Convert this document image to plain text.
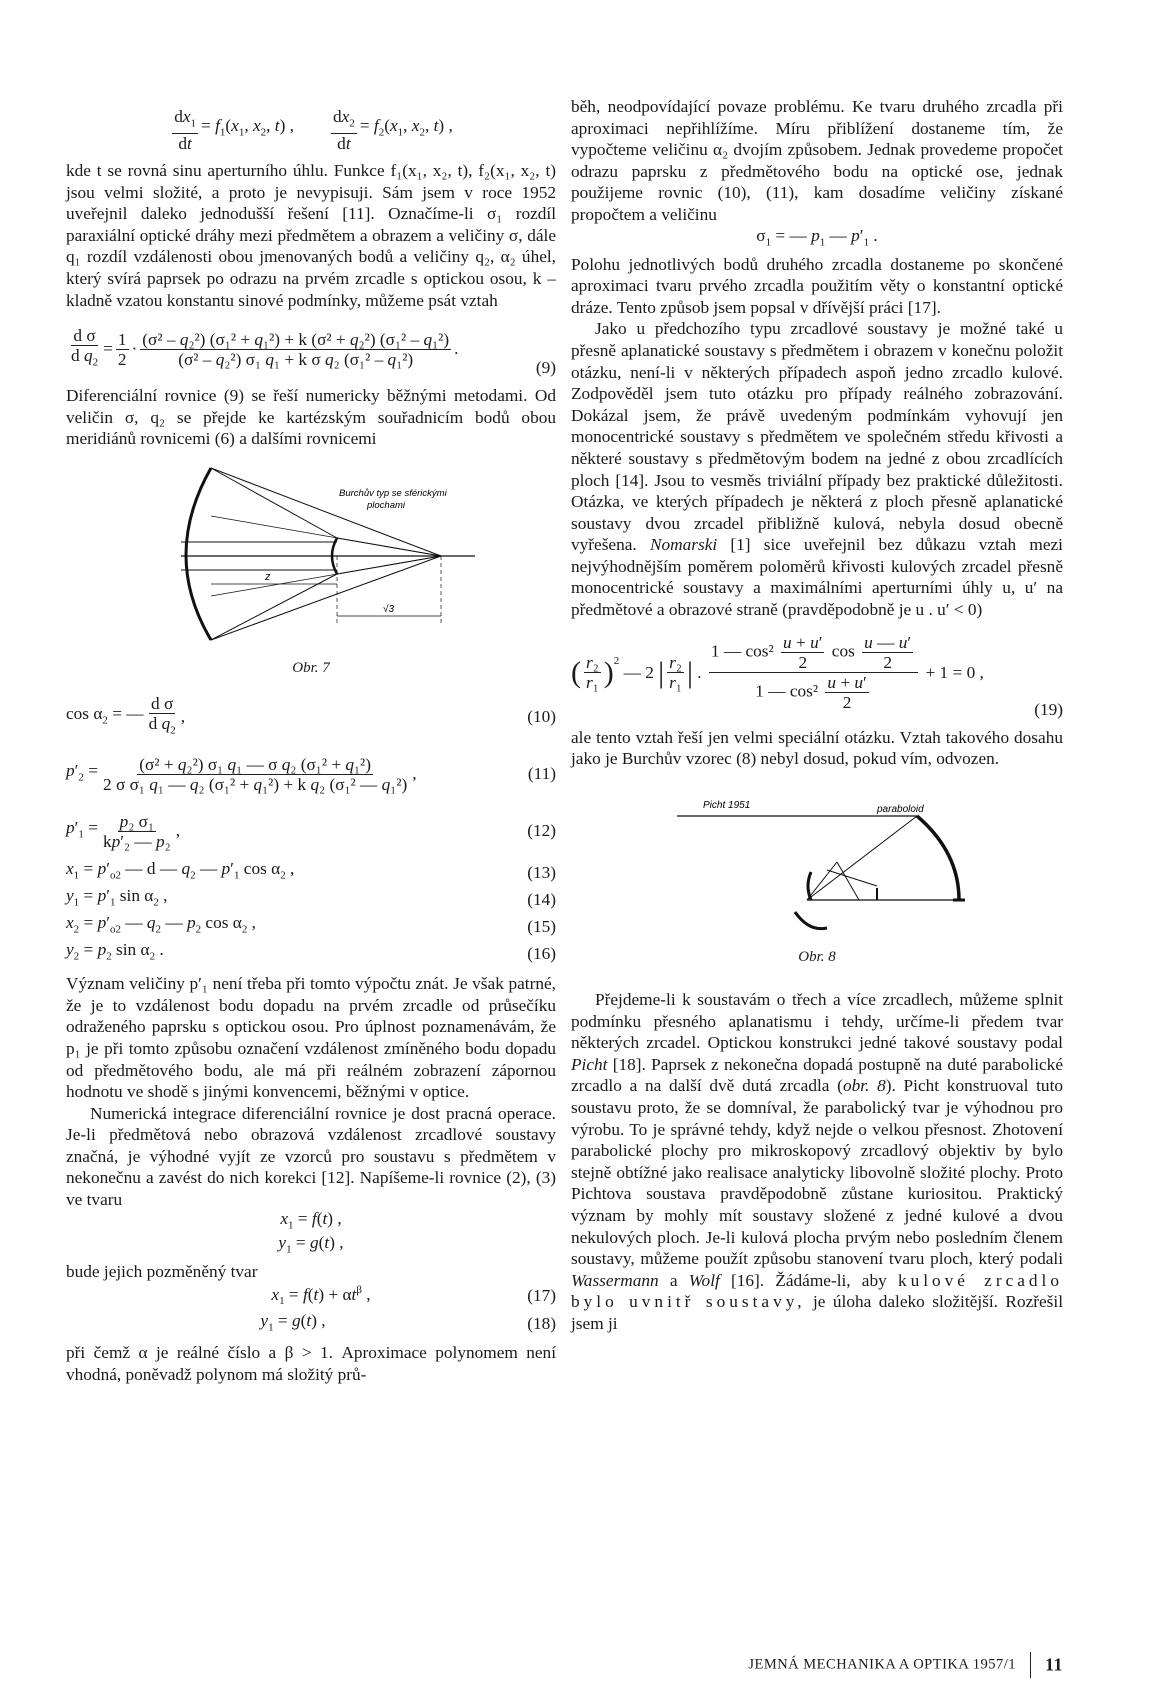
$\frac{dx_1}{dt} = f_1(x_1$, $x_2$, t) , $\frac{dx_2}{dt} = f_2(x_1$, $x_2$, t) ,

kde t se rovná sinu aperturního úhlu. Funkce f₁(x₁, x₂, t), f₂(x₁, x₂, t) jsou velmi složité, a proto je nevypisuji. Sám jsem v roce 1952 uveřejnil daleko jednodušší řešení [11]. Označíme-li σ₁ rozdíl paraxiální optické dráhy mezi předmětem a obrazem a veličiny σ, dále q₁ rozdíl vzdálenosti obou jmenovaných bodů a veličiny q₂, α₂ úhel, který svírá paprsek po odrazu na prvém zrcadle s optickou osou, k – kladně vzatou konstantu sinové podmínky, můžeme psát vztah

$\frac{\text{d σ}}{d q_2} = \frac{1}{2} \cdot \frac{\text{(σ² – q₂²) (σ₁² + q₁²) + k (σ² + q₂²) (σ₁² – q₁²)}}{\text{(σ² – q₂²) σ₁ q₁ + k σ q₂ (σ₁² – q₁²)}}$ .
(9)

Diferenciální rovnice (9) se řeší numericky běžnými metodami. Od veličin σ, q₂ se přejde ke kartézským souřadnicím bodů obou meridiánů rovnicemi (6) a dalšími rovnicemi

z
√3
Burchův typ se sférickými
plochami
Obr. 7
$\cos \alpha_2$ = — $\frac{\text{d σ}}{d q_2}$ ,	(10)
$p'_2 = \frac{\text{(σ² + q₂²) σ₁ q₁ — σ q₂ (σ₁² + q₁²)}}{\text{2 σ σ₁ q₁ — q₂ (σ₁² + q₁²) + k q₂ (σ₁² — q₁²)}}$ ,	(11)
$p'_1 = \frac{\text{p₂ σ₁}}{\text{kp′₂ — p₂}}$ ,	(12)
$x_1 = p'_{o2}$ — d — $q_2$ — $p'_1$ $\cos \alpha_2$ ,	(13)
$y_1 = p'_1$ $\sin \alpha_2$ ,	(14)
$x_2 = p'_{o2}$ — $q_2$ — $p_2$ $\cos \alpha_2$ ,	(15)
$y_2 = p_2$ $\sin \alpha_2$ .	(16)

Význam veličiny p′₁ není třeba při tomto výpočtu znát. Je však patrné, že je to vzdálenost bodu dopadu na prvém zrcadle od průsečíku odraženého paprsku s optickou osou. Pro úplnost poznamenávám, že p₁ je při tomto způsobu označení vzdálenost zmíněného bodu dopadu od předmětového bodu, ale má při reálném zobrazení zápornou hodnotu ve shodě s jinými konvencemi, běžnými v optice.

Numerická integrace diferenciální rovnice je dost pracná operace. Je-li předmětová nebo obrazová vzdálenost zrcadlové soustavy značná, je výhodné vyjít ze vzorců pro soustavu s předmětem v nekonečnu a zavést do nich korekci [12]. Napíšeme-li rovnice (2), (3) ve tvaru

$x_1 = f(t)$ ,
$y_1 = g(t)$ ,

bude jejich pozměněný tvar

$x_1 = f(t) + \alpha t^\beta$ ,	(17)
$y_1 = g(t)$ ,	(18)

při čemž α je reálné číslo a β > 1. Aproximace polynomem není vhodná, poněvadž polynom má složitý prů-

běh, neodpovídající povaze problému. Ke tvaru druhého zrcadla při aproximaci nepřihlížíme. Míru přiblížení dostaneme tím, že vypočteme veličinu α₂ dvojím způsobem. Jednak provedeme propočet odrazu paprsku z předmětového bodu na optické ose, jednak použijeme rovnic (10), (11), kam dosadíme veličiny získané propočtem a veličinu

$\sigma_1$ = — $p_1$ — $p'_1$ .

Polohu jednotlivých bodů druhého zrcadla dostaneme po skončené aproximaci tvaru prvého zrcadla použitím věty o konstantní optické dráze. Tento způsob jsem popsal v dřívější práci [17].

Jako u předchozího typu zrcadlové soustavy je možné také u přesně aplanatické soustavy s předmětem i obrazem v konečnu položit otázku, není-li v některých případech aspoň jedno zrcadlo kulové. Zodpověděl jsem tuto otázku pro případy reálného zobrazování. Dokázal jsem, že právě uvedeným podmínkám vyhovují jen monocentrické soustavy s předmětem ve společném středu křivosti a některé soustavy s předmětovým bodem na jedné z obou zrcadlících ploch [14]. Jsou to vesměs triviální případy bez praktické důležitosti. Otázka, ve kterých případech je některá z ploch přesně aplanatické soustavy dvou zrcadel přibližně kulová, nebyla dosud obecně vyřešena. Nomarski [1] sice uveřejnil bez důkazu vztah mezi nejvýhodnějším poměrem poloměrů křivosti kulových zrcadel přesně monocentrické soustavy a maximálními aperturními úhly u, u′ na předmětové a obrazové straně (pravděpodobně je u . u′ < 0)

( $\frac{\text{r₂}}{\text{r₁}} )^2$
— 2 | $\frac{\text{r₂}}{\text{r₁}}$ | . $\frac{1 — \cos^2 \frac{u + u'}{2} \cos \frac{u — u'}{2}}{1 — \cos^2 \frac{u + u'}{2}} + 1 = 0$ ,
(19)

ale tento vztah řeší jen velmi speciální otázku. Vztah takového dosahu jako je Burchův vzorec (8) nebyl dosud, pokud vím, odvozen.

Picht 1951	paraboloid
Obr. 8

Přejdeme-li k soustavám o třech a více zrcadlech, můžeme splnit podmínku přesného aplanatismu i tehdy, určíme-li předem tvar některých zrcadel. Optickou konstrukci jedné takové soustavy podal Picht [18]. Paprsek z nekonečna dopadá postupně na duté parabolické zrcadlo a na další dvě dutá zrcadla (obr. 8). Picht konstruoval tuto soustavu proto, že se domníval, že parabolický tvar je výhodnou pro výrobu. To je správné tehdy, když nejde o velkou přesnost. Zhotovení parabolické plochy pro mikroskopový zrcadlový objektiv by bylo stejně obtížné jako realisace analyticky libovolně složité plochy. Proto Pichtova soustava pravděpodobně zůstane kuriositou. Praktický význam by mohly mít soustavy složené z jedné kulové a dvou nekulových ploch. Je-li kulová plocha prvým nebo posledním členem soustavy, můžeme použít způsobu stanovení tvaru ploch, který podali Wassermann a Wolf [16]. Žádáme-li, aby kulové zrcadlo bylo uvnitř soustavy, je úloha daleko složitější. Rozřešil jsem ji

JEMNÁ MECHANIKA A OPTIKA 1957/1 11
